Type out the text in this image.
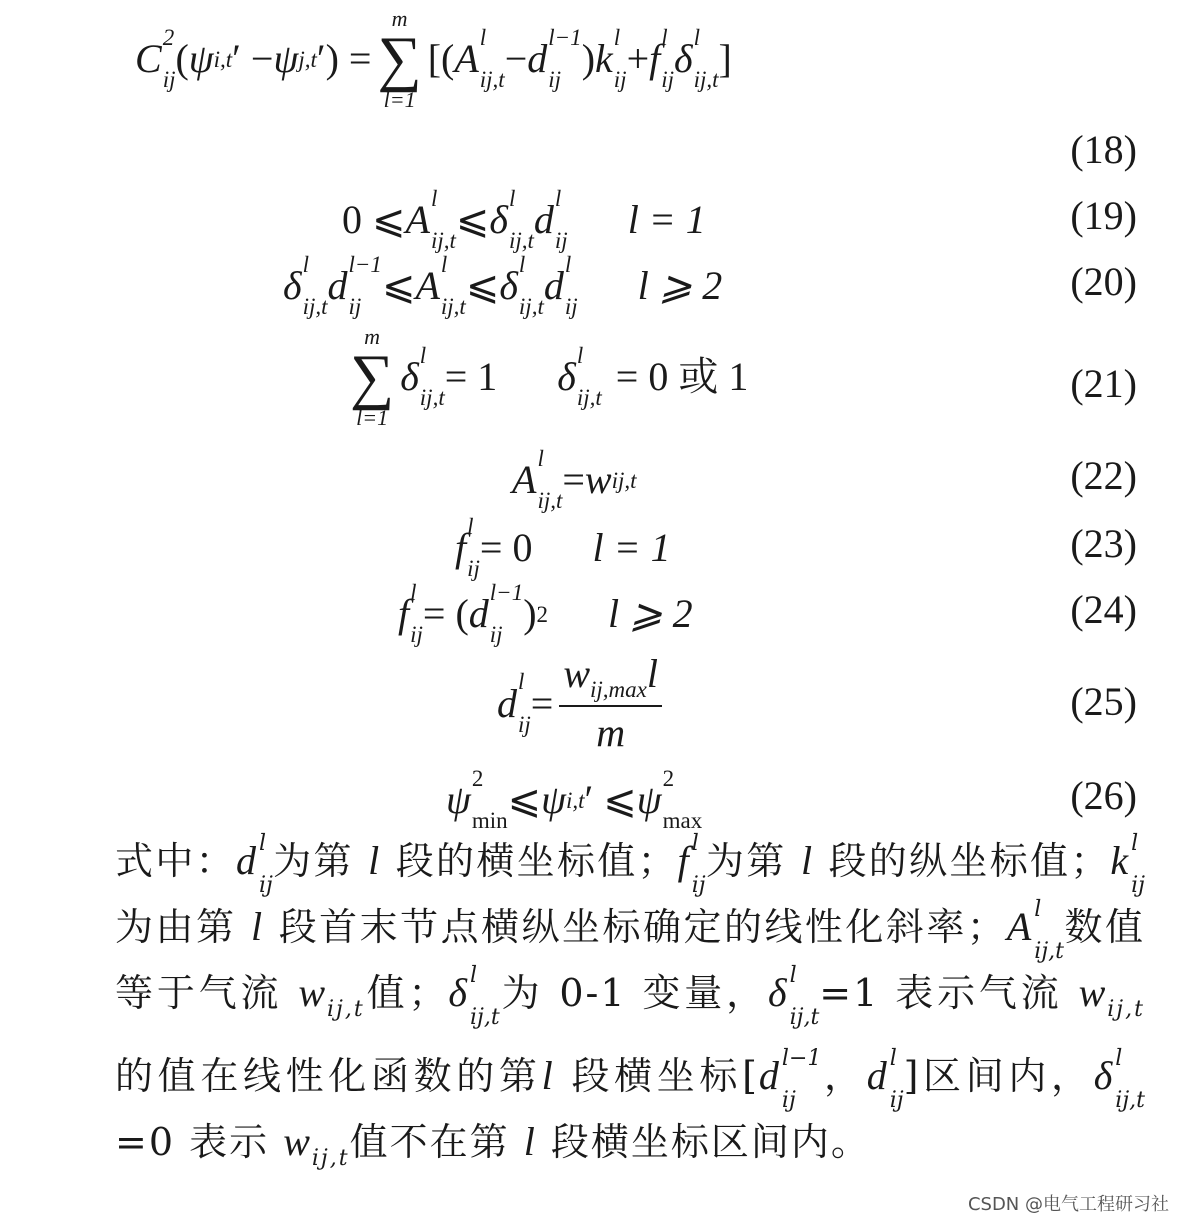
C 2
ij ( ψ i,t ′ − ψ j,t ′) =
m
∑
l=1
[( A l
ij,t − d l−1
ij ) k l
ij + f l
ij δ l
ij,t ]
(18)
0 ⩽ A l
ij,t ⩽ δ l
ij,t d l
ij l = 1	(19)
δ l
ij,t d l−1
ij ⩽ A l
ij,t ⩽ δ l
ij,t d l
ij l ⩾ 2	(20)
m
∑
l=1
δ l
ij,t = 1 δ l
ij,t = 0 或 1	(21)
A l
ij,t = w ij,t	(22)
f l
ij = 0 l = 1	(23)
f l
ij = ( d l−1
ij ) 2 l ⩾ 2	(24)
d l
ij = $\frac{w_{ij,max}l}{m}$	(25)
ψ 2
min ⩽ ψ i,t ′ ⩽ ψ 2
max
(26)
式中：d l
ij
为第 l 段的横坐标值；f l
ij
为第 l 段的纵坐标值；k l
ij
为由第 l 段首末节点横纵坐标确定的线性化斜率；A l
ij,t
数值等于气流 $w_{ij,t}$值；δ l
ij,t
为 0-1 变量，δ l
ij,t
=1 表示气流 $w_{ij,t}$的值在线性化函数的第l 段横坐标[d l−1
ij
，d l
ij
]区间内，δ l
ij,t
=0 表示 $w_{ij,t}$值不在第 l 段横坐标区间内。
CSDN @电气工程研习社
